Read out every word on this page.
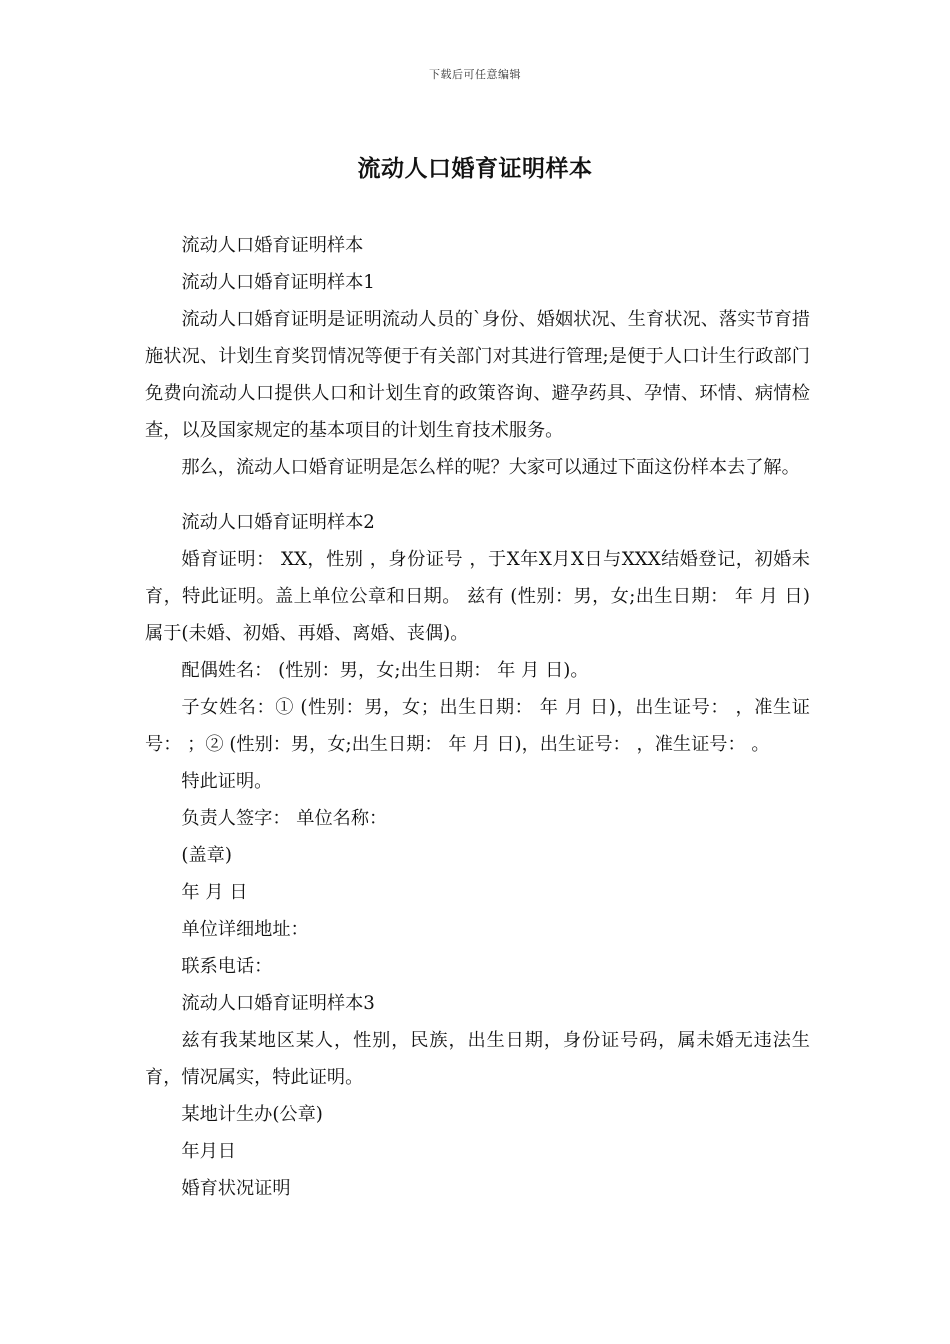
下载后可任意编辑
流动人口婚育证明样本

流动人口婚育证明样本

流动人口婚育证明样本1

流动人口婚育证明是证明流动人员的`身份、婚姻状况、生育状况、落实节育措施状况、计划生育奖罚情况等便于有关部门对其进行管理;是便于人口计生行政部门免费向流动人口提供人口和计划生育的政策咨询、避孕药具、孕情、环情、病情检查，以及国家规定的基本项目的计划生育技术服务。

那么，流动人口婚育证明是怎么样的呢？大家可以通过下面这份样本去了解。

流动人口婚育证明样本2

婚育证明： XX，性别 ，身份证号 ，于X年X月X日与XXX结婚登记，初婚未育，特此证明。盖上单位公章和日期。 兹有 (性别：男，女;出生日期： 年 月 日)属于(未婚、初婚、再婚、离婚、丧偶)。

配偶姓名： (性别：男，女;出生日期： 年 月 日)。

子女姓名：① (性别：男，女；出生日期： 年 月 日)，出生证号： ，准生证号： ；② (性别：男，女;出生日期： 年 月 日)，出生证号： ，准生证号： 。

特此证明。

负责人签字： 单位名称：

(盖章)

年 月 日

单位详细地址：

联系电话：

流动人口婚育证明样本3

兹有我某地区某人，性别，民族，出生日期，身份证号码，属未婚无违法生育，情况属实，特此证明。

某地计生办(公章)

年月日

婚育状况证明
